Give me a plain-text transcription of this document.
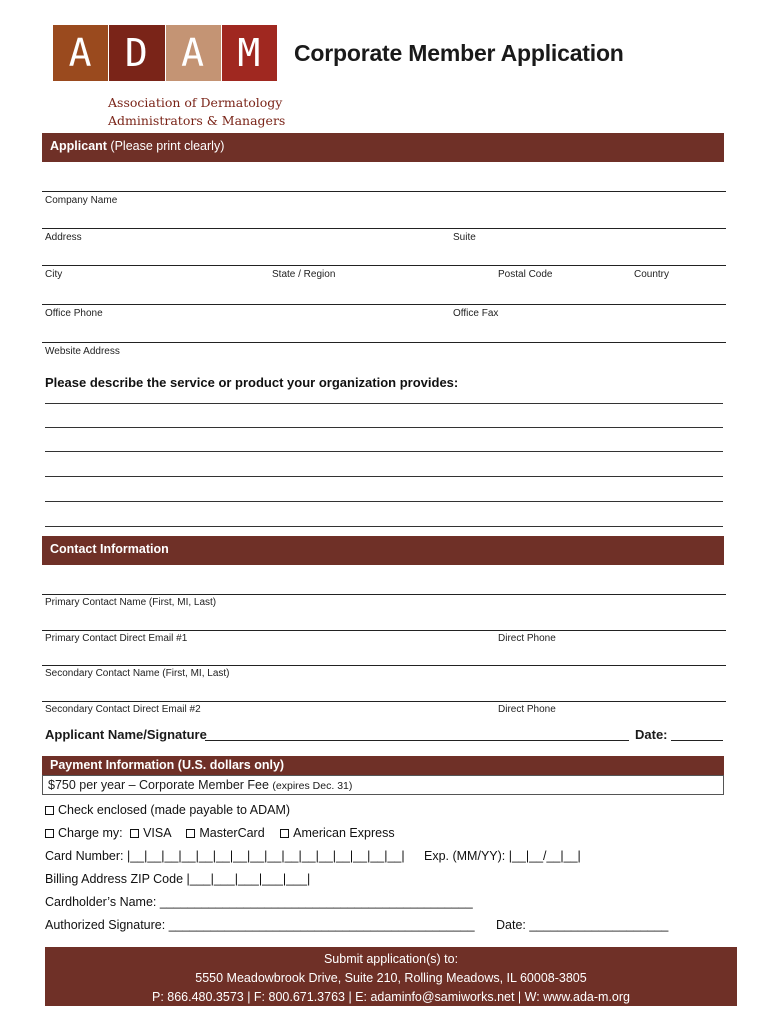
A D A M
Association of Dermatology
Administrators & Managers
Corporate Member Application
Applicant (Please print clearly)
Company Name
Address	Suite
City	State / Region	Postal Code	Country
Office Phone	Office Fax
Website Address
Please describe the service or product your organization provides:
Contact Information
Primary Contact Name (First, MI, Last)
Primary Contact Direct Email #1	Direct Phone
Secondary Contact Name (First, MI, Last)
Secondary Contact Direct Email #2	Direct Phone
Applicant Name/Signature	Date:
Payment Information (U.S. dollars only)
$750 per year – Corporate Member Fee (expires Dec. 31)
Check enclosed (made payable to ADAM)
Charge my: VISA MasterCard American Express
Card Number: |__|__|__|__|__|__|__|__|__|__|__|__|__|__|__|__| Exp. (MM/YY): |__|__/__|__|
Billing Address ZIP Code |___|___|___|___|___|
Cardholder’s Name: _____________________________________________
Authorized Signature: ____________________________________________ Date: ____________________
Submit application(s) to:
5550 Meadowbrook Drive, Suite 210, Rolling Meadows, IL 60008-3805
P: 866.480.3573 | F: 800.671.3763 | E: adaminfo@samiworks.net | W: www.ada-m.org
